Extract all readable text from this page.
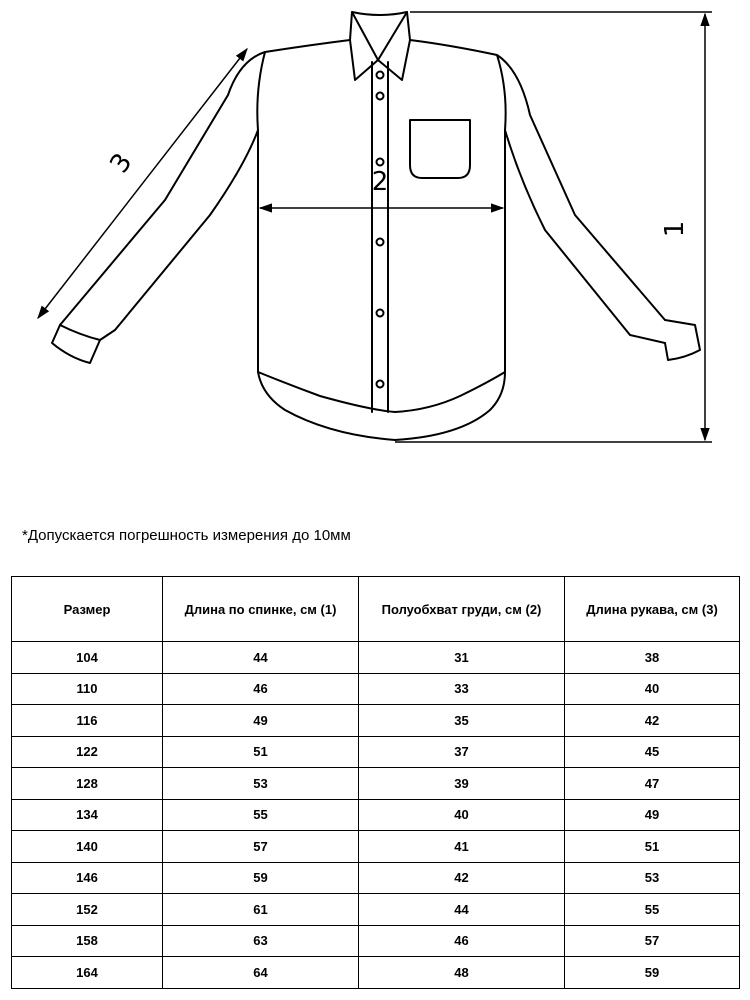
1
2
3
*Допускается погрешность измерения до 10мм
Размер	Длина по спинке, см (1)	Полуобхват груди, см (2)	Длина рукава, см (3)
104	44	31	38
110	46	33	40
116	49	35	42
122	51	37	45
128	53	39	47
134	55	40	49
140	57	41	51
146	59	42	53
152	61	44	55
158	63	46	57
164	64	48	59
